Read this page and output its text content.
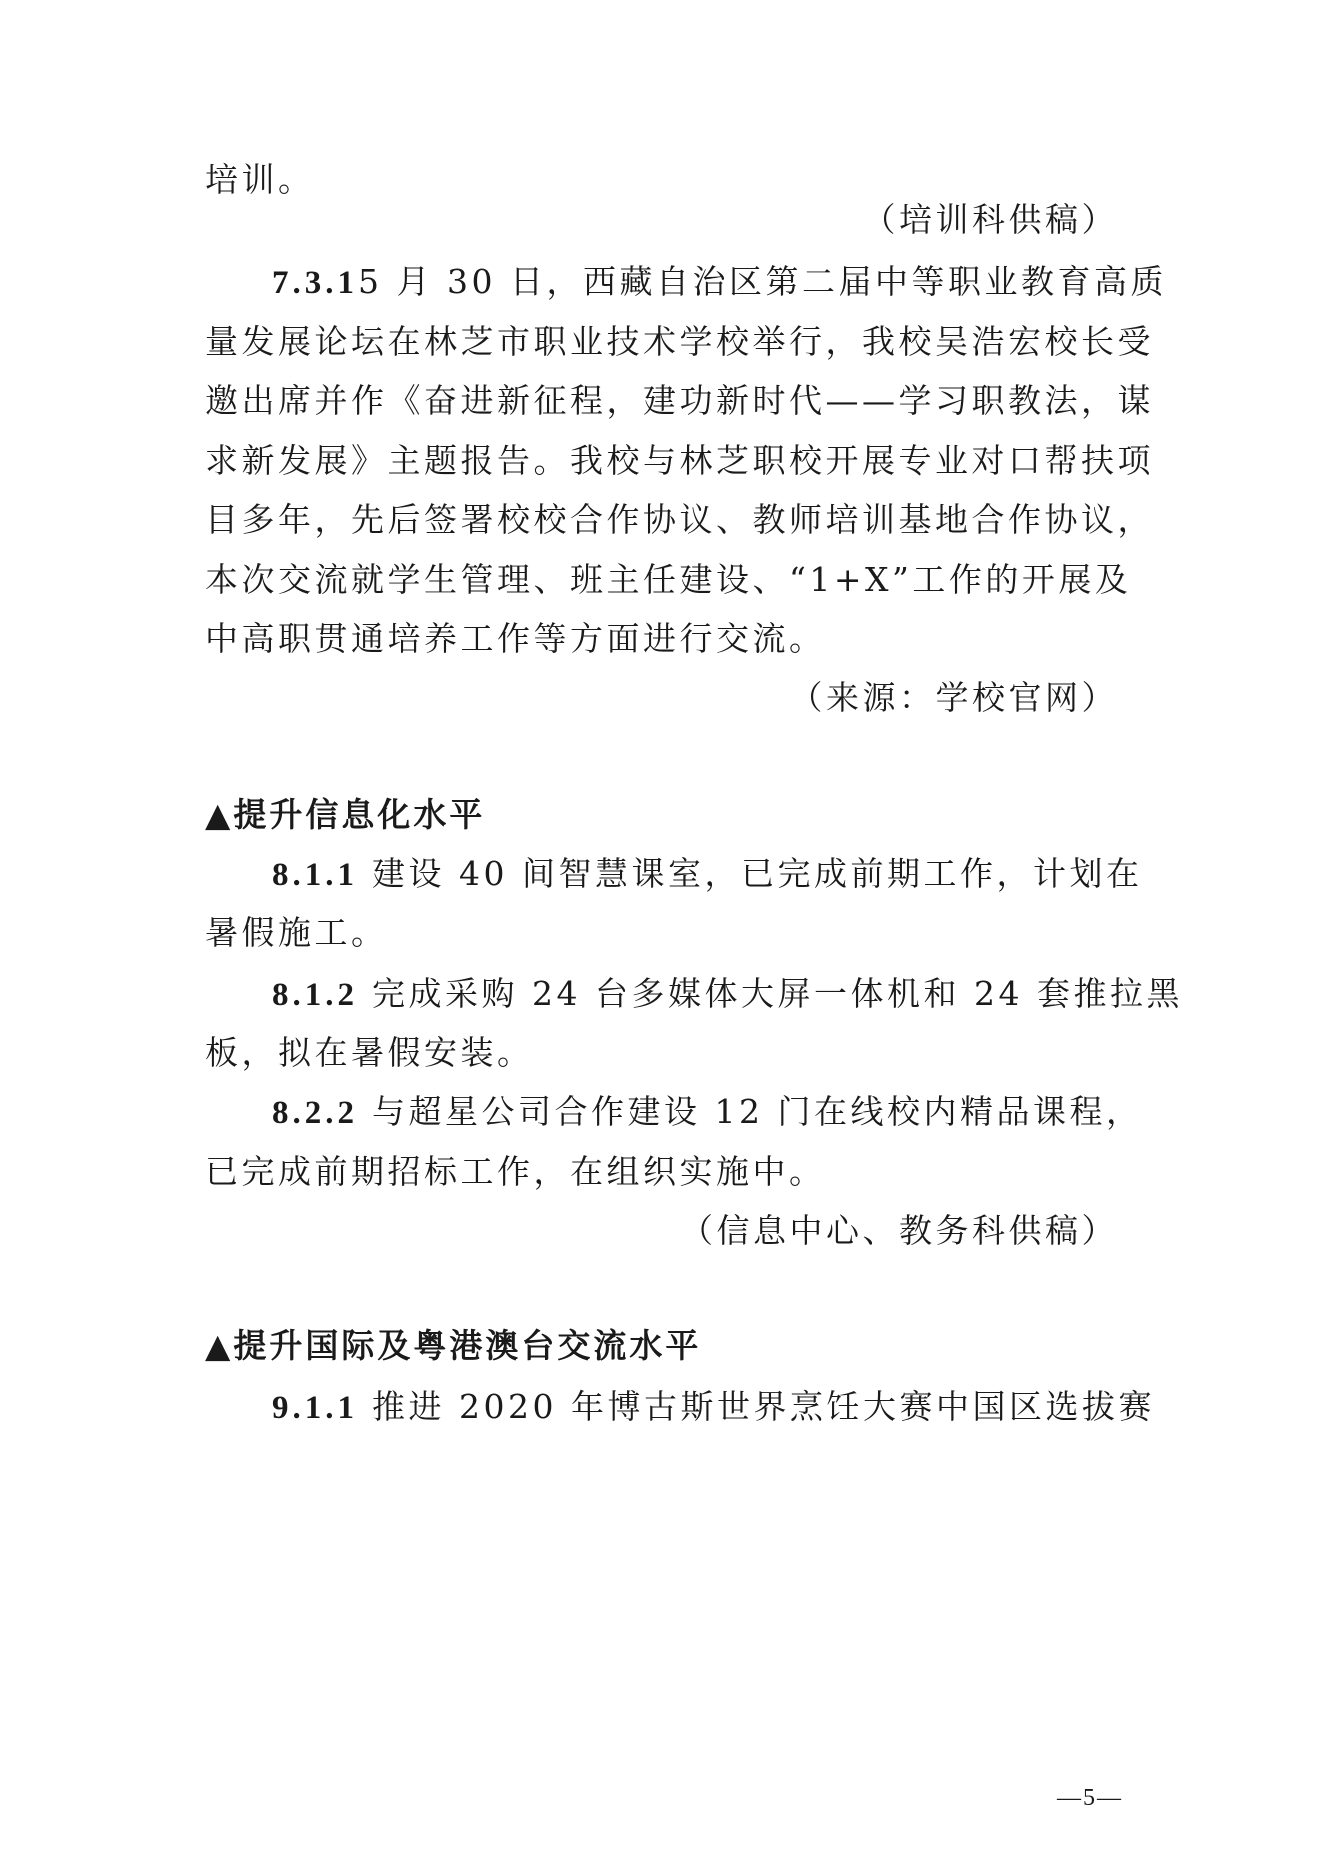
培训。
（培训科供稿）
7.3.15 月 30 日，西藏自治区第二届中等职业教育高质
量发展论坛在林芝市职业技术学校举行，我校吴浩宏校长受
邀出席并作《奋进新征程，建功新时代——学习职教法，谋
求新发展》主题报告。我校与林芝职校开展专业对口帮扶项
目多年，先后签署校校合作协议、教师培训基地合作协议，
本次交流就学生管理、班主任建设、“1+X”工作的开展及
中高职贯通培养工作等方面进行交流。
（来源：学校官网）
▲提升信息化水平
8.1.1 建设 40 间智慧课室，已完成前期工作，计划在
暑假施工。
8.1.2 完成采购 24 台多媒体大屏一体机和 24 套推拉黑
板，拟在暑假安装。
8.2.2 与超星公司合作建设 12 门在线校内精品课程，
已完成前期招标工作，在组织实施中。
（信息中心、教务科供稿）
▲提升国际及粤港澳台交流水平
9.1.1 推进 2020 年博古斯世界烹饪大赛中国区选拔赛
—5—
